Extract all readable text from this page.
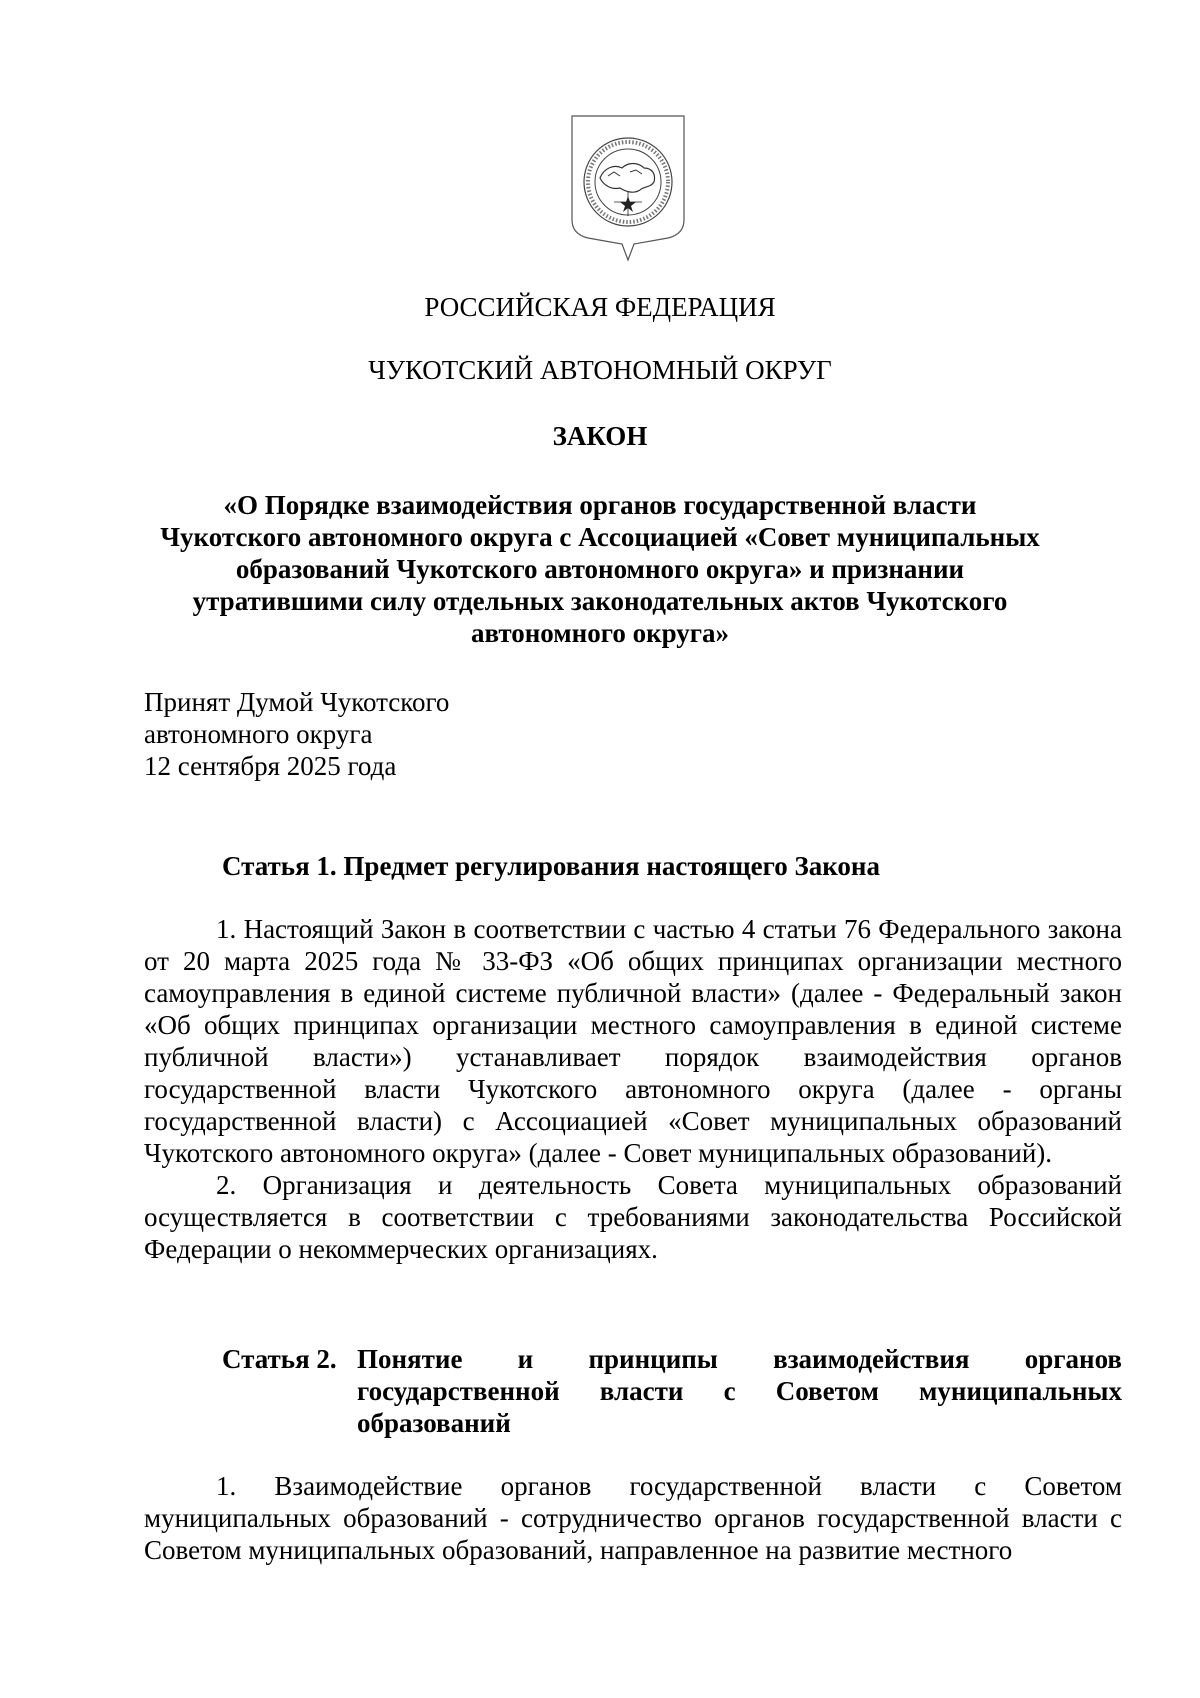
РОССИЙСКАЯ ФЕДЕРАЦИЯ
ЧУКОТСКИЙ АВТОНОМНЫЙ ОКРУГ
ЗАКОН
«О Порядке взаимодействия органов государственной власти Чукотского автономного округа с Ассоциацией «Совет муниципальных образований Чукотского автономного округа» и признании утратившими силу отдельных законодательных актов Чукотского автономного округа»
Принят Думой Чукотского
автономного округа
12 сентября 2025 года
Статья 1. Предмет регулирования настоящего Закона

1. Настоящий Закон в соответствии с частью 4 статьи 76 Федерального закона от 20 марта 2025 года № 33-ФЗ «Об общих принципах организации местного самоуправления в единой системе публичной власти» (далее - Федеральный закон «Об общих принципах организации местного самоуправления в единой системе публичной власти») устанавливает порядок взаимодействия органов государственной власти Чукотского автономного округа (далее - органы государственной власти) с Ассоциацией «Совет муниципальных образований Чукотского автономного округа» (далее - Совет муниципальных образований).

2. Организация и деятельность Совета муниципальных образований осуществляется в соответствии с требованиями законодательства Российской Федерации о некоммерческих организациях.

Статья 2. Понятие и принципы взаимодействия органов государственной власти с Советом муниципальных образований

1. Взаимодействие органов государственной власти с Советом муниципальных образований - сотрудничество органов государственной власти с Советом муниципальных образований, направленное на развитие местного
